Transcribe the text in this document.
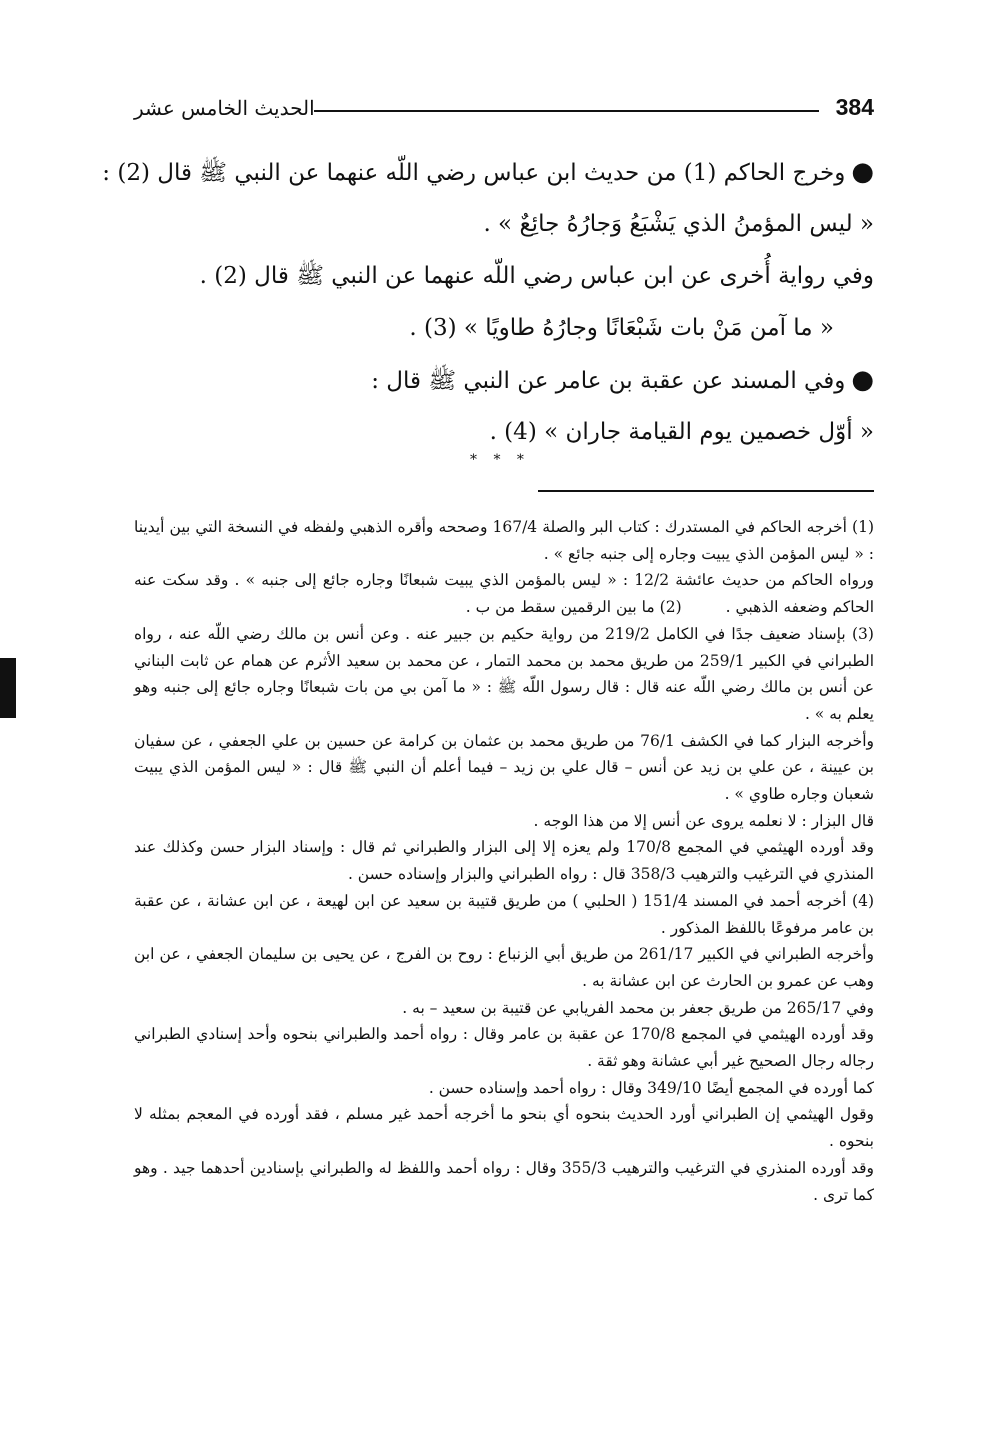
384
الحديث الخامس عشر

●وخرج الحاكم (1) من حديث ابن عباس رضي اللّه عنهما عن النبي ﷺ قال (2) :

« ليس المؤمنُ الذي يَشْبَعُ وَجارُهُ جائِعٌ » .

وفي رواية أُخرى عن ابن عباس رضي اللّه عنهما عن النبي ﷺ قال (2) .

« ما آمن مَنْ بات شَبْعَانًا وجارُهُ طاويًا » (3) .

●وفي المسند عن عقبة بن عامر عن النبي ﷺ قال :

« أوّل خصمين يوم القيامة جاران » (4) .

* * *

(1) أخرجه الحاكم في المستدرك : كتاب البر والصلة 167/4 وصححه وأقره الذهبي ولفظه في النسخة التي بين أيدينا : « ليس المؤمن الذي يبيت وجاره إلى جنبه جائع » .

ورواه الحاكم من حديث عائشة 12/2 : « ليس بالمؤمن الذي يبيت شبعانًا وجاره جائع إلى جنبه » . وقد سكت عنه الحاكم وضعفه الذهبي .(2) ما بين الرقمين سقط من ب .

(3) بإسناد ضعيف جدًا في الكامل 219/2 من رواية حكيم بن جبير عنه . وعن أنس بن مالك رضي اللّه عنه ، رواه الطبراني في الكبير 259/1 من طريق محمد بن محمد التمار ، عن محمد بن سعيد الأثرم عن همام عن ثابت البناني عن أنس بن مالك رضي اللّه عنه قال : قال رسول اللّه ﷺ : « ما آمن بي من بات شبعانًا وجاره جائع إلى جنبه وهو يعلم به » .

وأخرجه البزار كما في الكشف 76/1 من طريق محمد بن عثمان بن كرامة عن حسين بن علي الجعفي ، عن سفيان بن عيينة ، عن علي بن زيد عن أنس – قال علي بن زيد – فيما أعلم أن النبي ﷺ قال : « ليس المؤمن الذي يبيت شعبان وجاره طاوي » .

قال البزار : لا نعلمه يروى عن أنس إلا من هذا الوجه .

وقد أورده الهيثمي في المجمع 170/8 ولم يعزه إلا إلى البزار والطبراني ثم قال : وإسناد البزار حسن وكذلك عند المنذري في الترغيب والترهيب 358/3 قال : رواه الطبراني والبزار وإسناده حسن .

(4) أخرجه أحمد في المسند 151/4 ( الحلبي ) من طريق قتيبة بن سعيد عن ابن لهيعة ، عن ابن عشانة ، عن عقبة بن عامر مرفوعًا باللفظ المذكور .

وأخرجه الطبراني في الكبير 261/17 من طريق أبي الزنباع : روح بن الفرج ، عن يحيى بن سليمان الجعفي ، عن ابن وهب عن عمرو بن الحارث عن ابن عشانة به .

وفي 265/17 من طريق جعفر بن محمد الفريابي عن قتيبة بن سعيد – به .

وقد أورده الهيثمي في المجمع 170/8 عن عقبة بن عامر وقال : رواه أحمد والطبراني بنحوه وأحد إسنادي الطبراني رجاله رجال الصحيح غير أبي عشانة وهو ثقة .

كما أورده في المجمع أيضًا 349/10 وقال : رواه أحمد وإسناده حسن .

وقول الهيثمي إن الطبراني أورد الحديث بنحوه أي بنحو ما أخرجه أحمد غير مسلم ، فقد أورده في المعجم بمثله لا بنحوه .

وقد أورده المنذري في الترغيب والترهيب 355/3 وقال : رواه أحمد واللفظ له والطبراني بإسنادين أحدهما جيد . وهو كما ترى .
